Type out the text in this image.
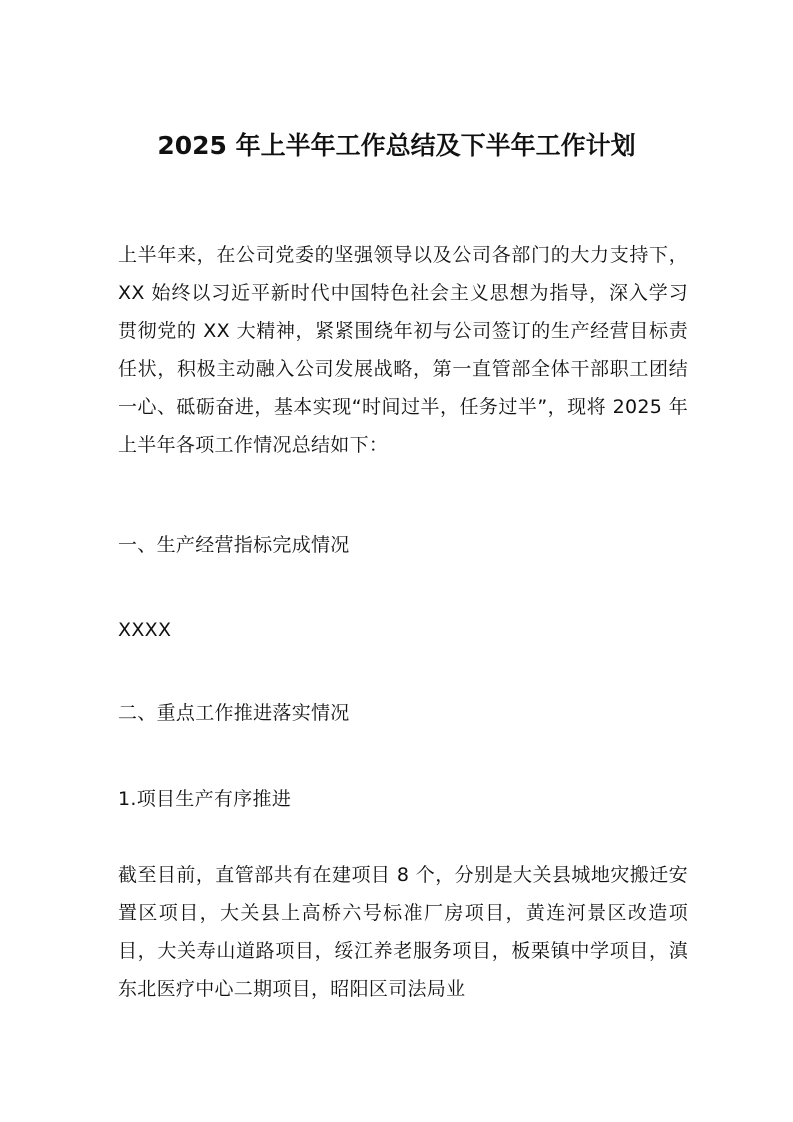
2025 年上半年工作总结及下半年工作计划

上半年来，在公司党委的坚强领导以及公司各部门的大力支持下，XX 始终以习近平新时代中国特色社会主义思想为指导，深入学习贯彻党的 XX 大精神，紧紧围绕年初与公司签订的生产经营目标责任状，积极主动融入公司发展战略，第一直管部全体干部职工团结一心、砥砺奋进，基本实现“时间过半，任务过半”，现将 2025 年上半年各项工作情况总结如下：

一、生产经营指标完成情况

XXXX

二、重点工作推进落实情况

1.项目生产有序推进

截至目前，直管部共有在建项目 8 个，分别是大关县城地灾搬迁安置区项目，大关县上高桥六号标准厂房项目，黄连河景区改造项目，大关寿山道路项目，绥江养老服务项目，板栗镇中学项目，滇东北医疗中心二期项目，昭阳区司法局业
